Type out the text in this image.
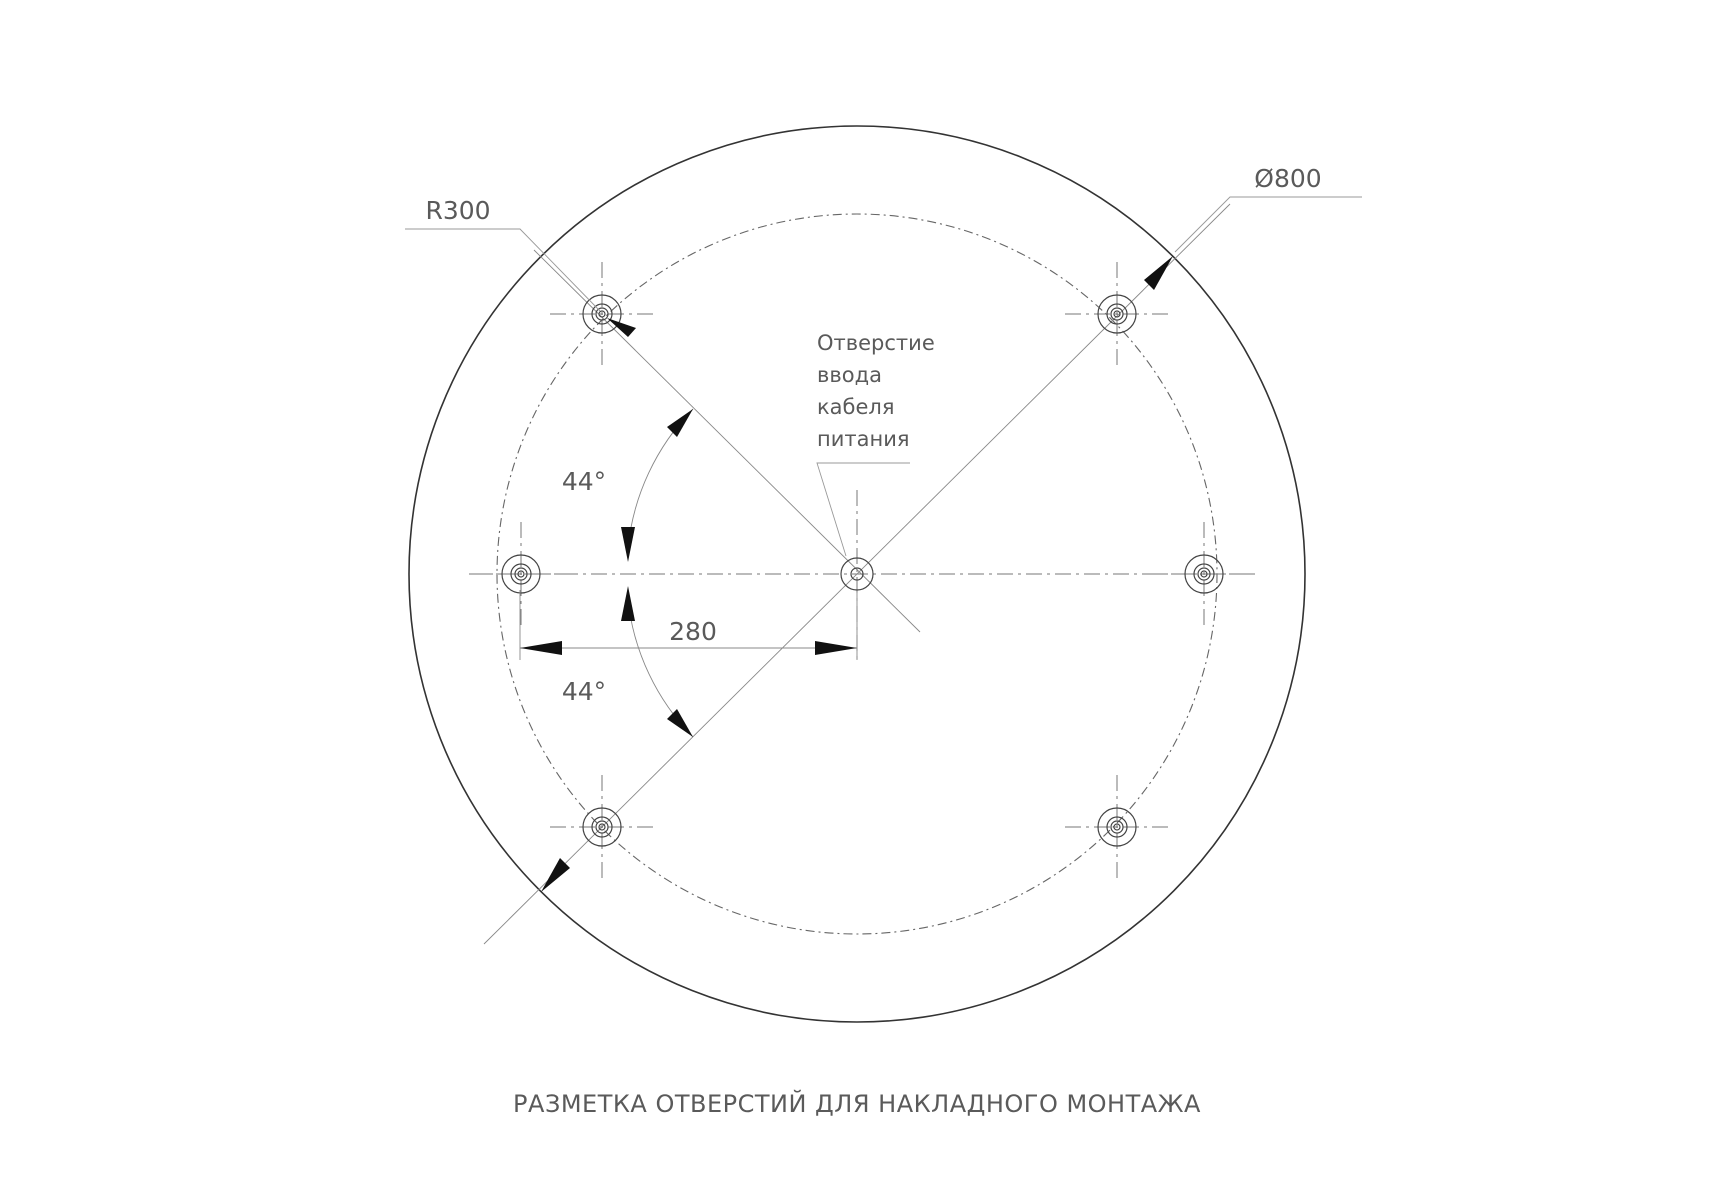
280
44°
44°
R300
Ø800
Отверстие
ввода
кабеля
питания
РАЗМЕТКА ОТВЕРСТИЙ ДЛЯ НАКЛАДНОГО МОНТАЖА
